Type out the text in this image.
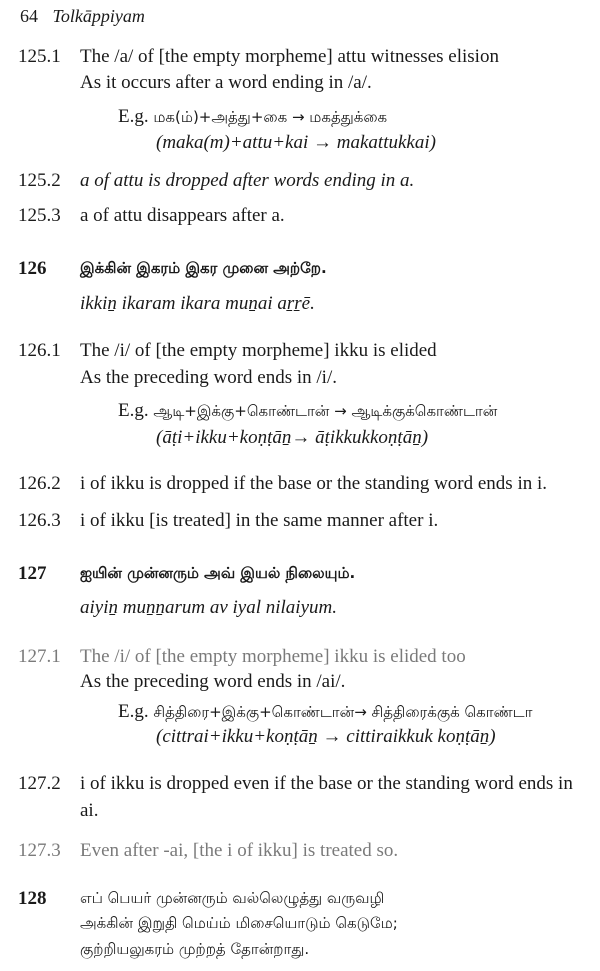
64 Tolkāppiyam
125.1	The /a/ of [the empty morpheme] attu witnesses elision
As it occurs after a word ending in /a/.
E.g. மக(ம்)+அத்து+கை → மகத்துக்கை
(maka(m)+attu+kai → makattukkai)
125.2	a of attu is dropped after words ending in a.
125.3	a of attu disappears after a.
126	இக்கின் இகரம் இகர முனை அற்றே.
ikkiṉ ikaram ikara muṉai aṟṟē.
126.1	The /i/ of [the empty morpheme] ikku is elided
As the preceding word ends in /i/.
E.g. ஆடி+இக்கு+கொண்டான் → ஆடிக்குக்கொண்டான்
(āṭi+ikku+koṇṭāṉ→ āṭikkukkoṇṭāṉ)
126.2	i of ikku is dropped if the base or the standing word ends in i.
126.3	i of ikku [is treated] in the same manner after i.
127	ஐயின் முன்னரும் அவ் இயல் நிலையும்.
aiyiṉ muṉṉarum av iyal nilaiyum.
127.1	The /i/ of [the empty morpheme] ikku is elided too
As the preceding word ends in /ai/.
E.g. சித்திரை+இக்கு+கொண்டான்→ சித்திரைக்குக் கொண்டா
(cittrai+ikku+koṇṭāṉ → cittiraikkuk koṇṭāṉ)
127.2	i of ikku is dropped even if the base or the standing word ends in
ai.
127.3	Even after -ai, [the i of ikku] is treated so.
128	எப் பெயர் முன்னரும் வல்லெழுத்து வருவழி
அக்கின் இறுதி மெய்ம் மிசையொடும் கெடுமே;
குற்றியலுகரம் முற்றத் தோன்றாது.
